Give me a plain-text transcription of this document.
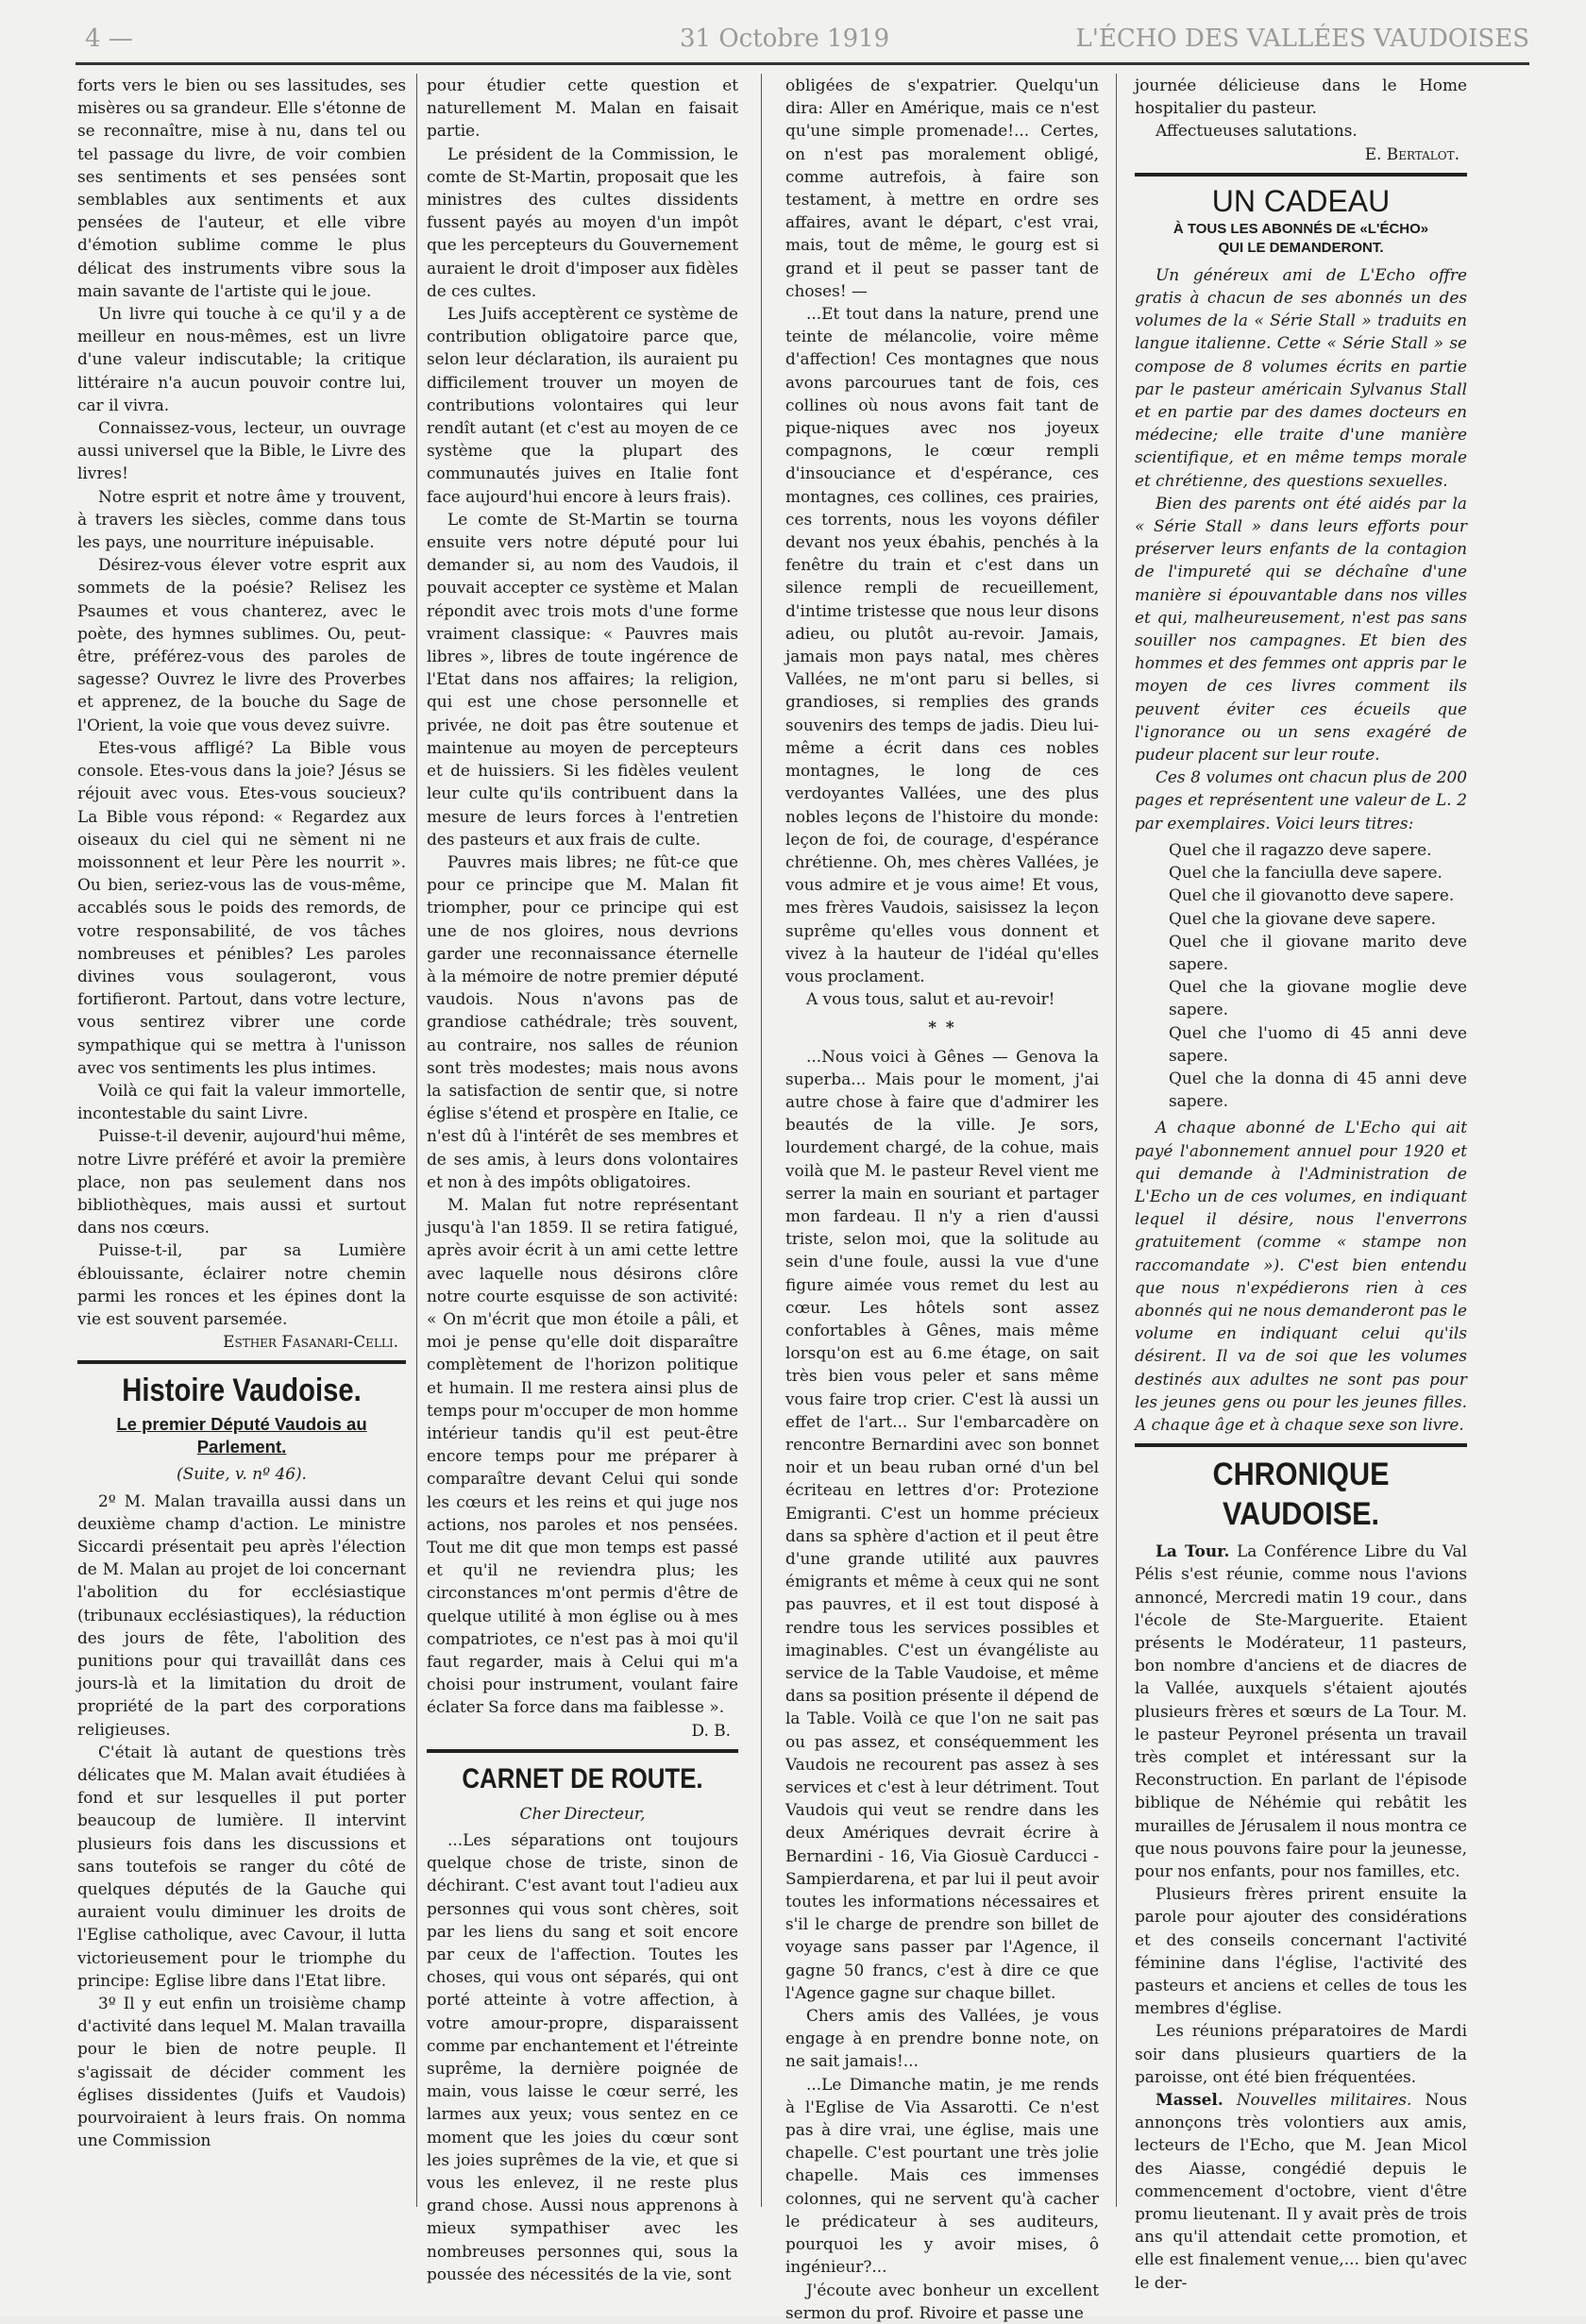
4 —	31 Octobre 1919	L'ÉCHO DES VALLÉES VAUDOISES

forts vers le bien ou ses lassitudes, ses misères ou sa grandeur. Elle s'étonne de se reconnaître, mise à nu, dans tel ou tel passage du livre, de voir combien ses sentiments et ses pensées sont semblables aux sentiments et aux pensées de l'auteur, et elle vibre d'émotion sublime comme le plus délicat des instruments vibre sous la main savante de l'artiste qui le joue.

Un livre qui touche à ce qu'il y a de meilleur en nous-mêmes, est un livre d'une valeur indiscutable; la critique littéraire n'a aucun pouvoir contre lui, car il vivra.

Connaissez-vous, lecteur, un ouvrage aussi universel que la Bible, le Livre des livres!

Notre esprit et notre âme y trouvent, à travers les siècles, comme dans tous les pays, une nourriture inépuisable.

Désirez-vous élever votre esprit aux sommets de la poésie? Relisez les Psaumes et vous chanterez, avec le poète, des hymnes sublimes. Ou, peut-être, préférez-vous des paroles de sagesse? Ouvrez le livre des Proverbes et apprenez, de la bouche du Sage de l'Orient, la voie que vous devez suivre.

Etes-vous affligé? La Bible vous console. Etes-vous dans la joie? Jésus se réjouit avec vous. Etes-vous soucieux? La Bible vous répond: « Regardez aux oiseaux du ciel qui ne sèment ni ne moissonnent et leur Père les nourrit ». Ou bien, seriez-vous las de vous-même, accablés sous le poids des remords, de votre responsabilité, de vos tâches nombreuses et pénibles? Les paroles divines vous soulageront, vous fortifieront. Partout, dans votre lecture, vous sentirez vibrer une corde sympathique qui se mettra à l'unisson avec vos sentiments les plus intimes.

Voilà ce qui fait la valeur immortelle, incontestable du saint Livre.

Puisse-t-il devenir, aujourd'hui même, notre Livre préféré et avoir la première place, non pas seulement dans nos bibliothèques, mais aussi et surtout dans nos cœurs.

Puisse-t-il, par sa Lumière éblouissante, éclairer notre chemin parmi les ronces et les épines dont la vie est souvent parsemée.

Esther Fasanari-Celli.

Histoire Vaudoise.
Le premier Député Vaudois au Parlement.
(Suite, v. nº 46).

2º M. Malan travailla aussi dans un deuxième champ d'action. Le ministre Siccardi présentait peu après l'élection de M. Malan au projet de loi concernant l'abolition du for ecclésiastique (tribunaux ecclésiastiques), la réduction des jours de fête, l'abolition des punitions pour qui travaillât dans ces jours-là et la limitation du droit de propriété de la part des corporations religieuses.

C'était là autant de questions très délicates que M. Malan avait étudiées à fond et sur lesquelles il put porter beaucoup de lumière. Il intervint plusieurs fois dans les discussions et sans toutefois se ranger du côté de quelques députés de la Gauche qui auraient voulu diminuer les droits de l'Eglise catholique, avec Cavour, il lutta victorieusement pour le triomphe du principe: Eglise libre dans l'Etat libre.

3º Il y eut enfin un troisième champ d'activité dans lequel M. Malan travailla pour le bien de notre peuple. Il s'agissait de décider comment les églises dissidentes (Juifs et Vaudois) pourvoiraient à leurs frais. On nomma une Commission

pour étudier cette question et naturellement M. Malan en faisait partie.

Le président de la Commission, le comte de St-Martin, proposait que les ministres des cultes dissidents fussent payés au moyen d'un impôt que les percepteurs du Gouvernement auraient le droit d'imposer aux fidèles de ces cultes.

Les Juifs acceptèrent ce système de contribution obligatoire parce que, selon leur déclaration, ils auraient pu difficilement trouver un moyen de contributions volontaires qui leur rendît autant (et c'est au moyen de ce système que la plupart des communautés juives en Italie font face aujourd'hui encore à leurs frais).

Le comte de St-Martin se tourna ensuite vers notre député pour lui demander si, au nom des Vaudois, il pouvait accepter ce système et Malan répondit avec trois mots d'une forme vraiment classique: « Pauvres mais libres », libres de toute ingérence de l'Etat dans nos affaires; la religion, qui est une chose personnelle et privée, ne doit pas être soutenue et maintenue au moyen de percepteurs et de huissiers. Si les fidèles veulent leur culte qu'ils contribuent dans la mesure de leurs forces à l'entretien des pasteurs et aux frais de culte.

Pauvres mais libres; ne fût-ce que pour ce principe que M. Malan fit triompher, pour ce principe qui est une de nos gloires, nous devrions garder une reconnaissance éternelle à la mémoire de notre premier député vaudois. Nous n'avons pas de grandiose cathédrale; très souvent, au contraire, nos salles de réunion sont très modestes; mais nous avons la satisfaction de sentir que, si notre église s'étend et prospère en Italie, ce n'est dû à l'intérêt de ses membres et de ses amis, à leurs dons volontaires et non à des impôts obligatoires.

M. Malan fut notre représentant jusqu'à l'an 1859. Il se retira fatigué, après avoir écrit à un ami cette lettre avec laquelle nous désirons clôre notre courte esquisse de son activité: « On m'écrit que mon étoile a pâli, et moi je pense qu'elle doit disparaître complètement de l'horizon politique et humain. Il me restera ainsi plus de temps pour m'occuper de mon homme intérieur tandis qu'il est peut-être encore temps pour me préparer à comparaître devant Celui qui sonde les cœurs et les reins et qui juge nos actions, nos paroles et nos pensées. Tout me dit que mon temps est passé et qu'il ne reviendra plus; les circonstances m'ont permis d'être de quelque utilité à mon église ou à mes compatriotes, ce n'est pas à moi qu'il faut regarder, mais à Celui qui m'a choisi pour instrument, voulant faire éclater Sa force dans ma faiblesse ».

D. B.

CARNET DE ROUTE.
Cher Directeur,

...Les séparations ont toujours quelque chose de triste, sinon de déchirant. C'est avant tout l'adieu aux personnes qui vous sont chères, soit par les liens du sang et soit encore par ceux de l'affection. Toutes les choses, qui vous ont séparés, qui ont porté atteinte à votre affection, à votre amour-propre, disparaissent comme par enchantement et l'étreinte suprême, la dernière poignée de main, vous laisse le cœur serré, les larmes aux yeux; vous sentez en ce moment que les joies du cœur sont les joies suprêmes de la vie, et que si vous les enlevez, il ne reste plus grand chose. Aussi nous apprenons à mieux sympathiser avec les nombreuses personnes qui, sous la poussée des nécessités de la vie, sont

obligées de s'expatrier. Quelqu'un dira: Aller en Amérique, mais ce n'est qu'une simple promenade!... Certes, on n'est pas moralement obligé, comme autrefois, à faire son testament, à mettre en ordre ses affaires, avant le départ, c'est vrai, mais, tout de même, le gourg est si grand et il peut se passer tant de choses! —

...Et tout dans la nature, prend une teinte de mélancolie, voire même d'affection! Ces montagnes que nous avons parcourues tant de fois, ces collines où nous avons fait tant de pique-niques avec nos joyeux compagnons, le cœur rempli d'insouciance et d'espérance, ces montagnes, ces collines, ces prairies, ces torrents, nous les voyons défiler devant nos yeux ébahis, penchés à la fenêtre du train et c'est dans un silence rempli de recueillement, d'intime tristesse que nous leur disons adieu, ou plutôt au-revoir. Jamais, jamais mon pays natal, mes chères Vallées, ne m'ont paru si belles, si grandioses, si remplies des grands souvenirs des temps de jadis. Dieu lui-même a écrit dans ces nobles montagnes, le long de ces verdoyantes Vallées, une des plus nobles leçons de l'histoire du monde: leçon de foi, de courage, d'espérance chrétienne. Oh, mes chères Vallées, je vous admire et je vous aime! Et vous, mes frères Vaudois, saisissez la leçon suprême qu'elles vous donnent et vivez à la hauteur de l'idéal qu'elles vous proclament.

A vous tous, salut et au-revoir!

* *

...Nous voici à Gênes — Genova la superba... Mais pour le moment, j'ai autre chose à faire que d'admirer les beautés de la ville. Je sors, lourdement chargé, de la cohue, mais voilà que M. le pasteur Revel vient me serrer la main en souriant et partager mon fardeau. Il n'y a rien d'aussi triste, selon moi, que la solitude au sein d'une foule, aussi la vue d'une figure aimée vous remet du lest au cœur. Les hôtels sont assez confortables à Gênes, mais même lorsqu'on est au 6.me étage, on sait très bien vous peler et sans même vous faire trop crier. C'est là aussi un effet de l'art... Sur l'embarcadère on rencontre Bernardini avec son bonnet noir et un beau ruban orné d'un bel écriteau en lettres d'or: Protezione Emigranti. C'est un homme précieux dans sa sphère d'action et il peut être d'une grande utilité aux pauvres émigrants et même à ceux qui ne sont pas pauvres, et il est tout disposé à rendre tous les services possibles et imaginables. C'est un évangéliste au service de la Table Vaudoise, et même dans sa position présente il dépend de la Table. Voilà ce que l'on ne sait pas ou pas assez, et conséquemment les Vaudois ne recourent pas assez à ses services et c'est à leur détriment. Tout Vaudois qui veut se rendre dans les deux Amériques devrait écrire à Bernardini - 16, Via Giosuè Carducci - Sampierdarena, et par lui il peut avoir toutes les informations nécessaires et s'il le charge de prendre son billet de voyage sans passer par l'Agence, il gagne 50 francs, c'est à dire ce que l'Agence gagne sur chaque billet.

Chers amis des Vallées, je vous engage à en prendre bonne note, on ne sait jamais!...

...Le Dimanche matin, je me rends à l'Eglise de Via Assarotti. Ce n'est pas à dire vrai, une église, mais une chapelle. C'est pourtant une très jolie chapelle. Mais ces immenses colonnes, qui ne servent qu'à cacher le prédicateur à ses auditeurs, pourquoi les y avoir mises, ô ingénieur?...

J'écoute avec bonheur un excellent sermon du prof. Rivoire et passe une

journée délicieuse dans le Home hospitalier du pasteur.

Affectueuses salutations.

E. Bertalot.

UN CADEAU
À TOUS LES ABONNÉS DE «L'ÉCHO»
QUI LE DEMANDERONT.

Un généreux ami de L'Echo offre gratis à chacun de ses abonnés un des volumes de la « Série Stall » traduits en langue italienne. Cette « Série Stall » se compose de 8 volumes écrits en partie par le pasteur américain Sylvanus Stall et en partie par des dames docteurs en médecine; elle traite d'une manière scientifique, et en même temps morale et chrétienne, des questions sexuelles.

Bien des parents ont été aidés par la « Série Stall » dans leurs efforts pour préserver leurs enfants de la contagion de l'impureté qui se déchaîne d'une manière si épouvantable dans nos villes et qui, malheureusement, n'est pas sans souiller nos campagnes. Et bien des hommes et des femmes ont appris par le moyen de ces livres comment ils peuvent éviter ces écueils que l'ignorance ou un sens exagéré de pudeur placent sur leur route.

Ces 8 volumes ont chacun plus de 200 pages et représentent une valeur de L. 2 par exemplaires. Voici leurs titres:

Quel che il ragazzo deve sapere.
Quel che la fanciulla deve sapere.
Quel che il giovanotto deve sapere.
Quel che la giovane deve sapere.
Quel che il giovane marito deve sapere.
Quel che la giovane moglie deve sapere.
Quel che l'uomo di 45 anni deve sapere.
Quel che la donna di 45 anni deve sapere.

A chaque abonné de L'Echo qui ait payé l'abonnement annuel pour 1920 et qui demande à l'Administration de L'Echo un de ces volumes, en indiquant lequel il désire, nous l'enverrons gratuitement (comme « stampe non raccomandate »). C'est bien entendu que nous n'expédierons rien à ces abonnés qui ne nous demanderont pas le volume en indiquant celui qu'ils désirent. Il va de soi que les volumes destinés aux adultes ne sont pas pour les jeunes gens ou pour les jeunes filles. A chaque âge et à chaque sexe son livre.

CHRONIQUE VAUDOISE.

La Tour. La Conférence Libre du Val Pélis s'est réunie, comme nous l'avions annoncé, Mercredi matin 19 cour., dans l'école de Ste-Marguerite. Etaient présents le Modérateur, 11 pasteurs, bon nombre d'anciens et de diacres de la Vallée, auxquels s'étaient ajoutés plusieurs frères et sœurs de La Tour. M. le pasteur Peyronel présenta un travail très complet et intéressant sur la Reconstruction. En parlant de l'épisode biblique de Néhémie qui rebâtit les murailles de Jérusalem il nous montra ce que nous pouvons faire pour la jeunesse, pour nos enfants, pour nos familles, etc.

Plusieurs frères prirent ensuite la parole pour ajouter des considérations et des conseils concernant l'activité féminine dans l'église, l'activité des pasteurs et anciens et celles de tous les membres d'église.

Les réunions préparatoires de Mardi soir dans plusieurs quartiers de la paroisse, ont été bien fréquentées.

Massel. Nouvelles militaires. Nous annonçons très volontiers aux amis, lecteurs de l'Echo, que M. Jean Micol des Aiasse, congédié depuis le commencement d'octobre, vient d'être promu lieutenant. Il y avait près de trois ans qu'il attendait cette promotion, et elle est finalement venue,... bien qu'avec le der-
